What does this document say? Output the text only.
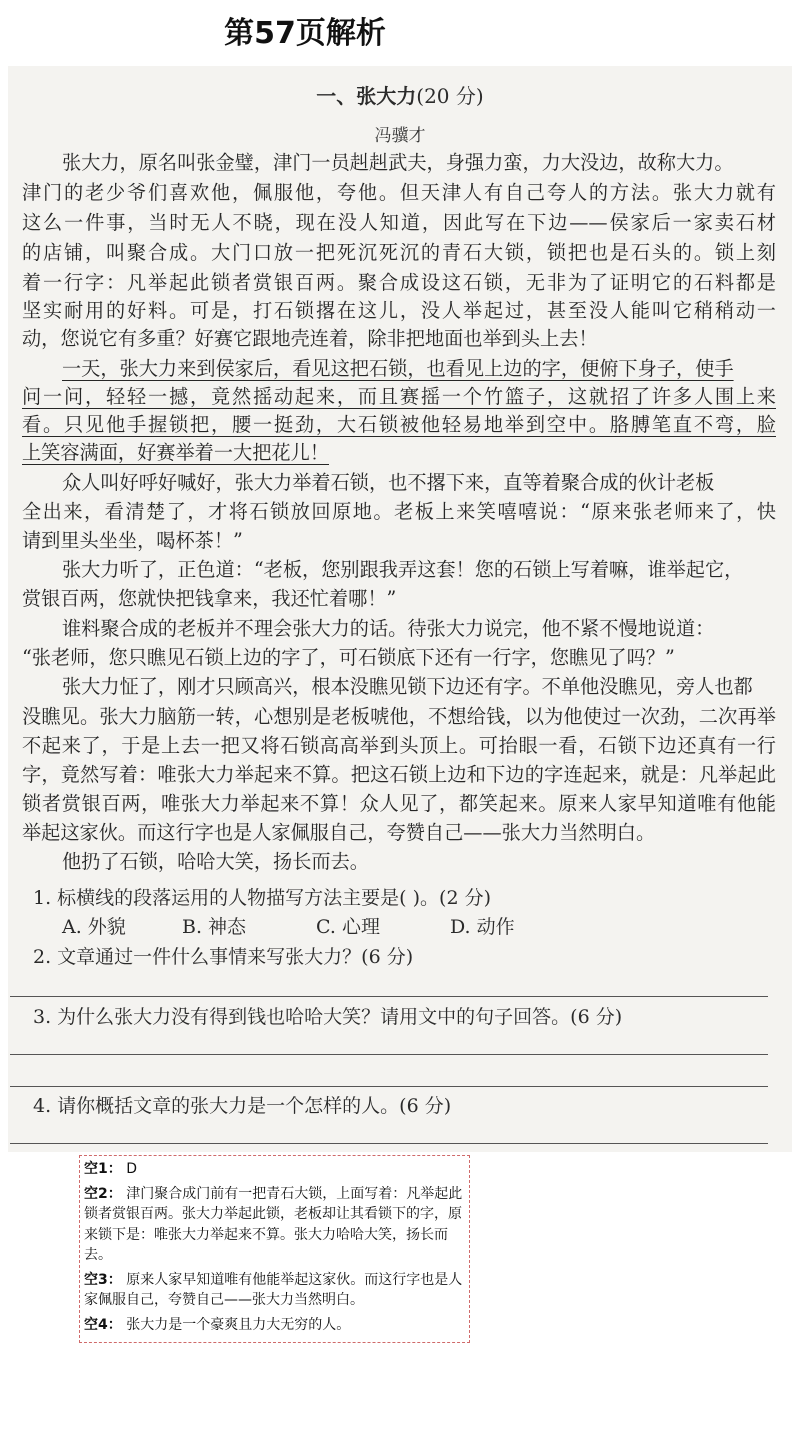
第57页解析
一、张大力(20 分)
冯骥才
张大力，原名叫张金璧，津门一员赳赳武夫，身强力蛮，力大没边，故称大力。
津门的老少爷们喜欢他，佩服他，夸他。但天津人有自己夸人的方法。张大力就有
这么一件事，当时无人不晓，现在没人知道，因此写在下边——侯家后一家卖石材
的店铺，叫聚合成。大门口放一把死沉死沉的青石大锁，锁把也是石头的。锁上刻
着一行字：凡举起此锁者赏银百两。聚合成设这石锁，无非为了证明它的石料都是
坚实耐用的好料。可是，打石锁撂在这儿，没人举起过，甚至没人能叫它稍稍动一
动，您说它有多重？好赛它跟地壳连着，除非把地面也举到头上去！
一天，张大力来到侯家后，看见这把石锁，也看见上边的字，便俯下身子，使手
问一问，轻轻一撼，竟然摇动起来，而且赛摇一个竹篮子，这就招了许多人围上来
看。只见他手握锁把，腰一挺劲，大石锁被他轻易地举到空中。胳膊笔直不弯，脸
上笑容满面，好赛举着一大把花儿！
众人叫好呼好喊好，张大力举着石锁，也不撂下来，直等着聚合成的伙计老板
全出来，看清楚了，才将石锁放回原地。老板上来笑嘻嘻说：“原来张老师来了，快
请到里头坐坐，喝杯茶！”
张大力听了，正色道：“老板，您别跟我弄这套！您的石锁上写着嘛，谁举起它，
赏银百两，您就快把钱拿来，我还忙着哪！”
谁料聚合成的老板并不理会张大力的话。待张大力说完，他不紧不慢地说道：
“张老师，您只瞧见石锁上边的字了，可石锁底下还有一行字，您瞧见了吗？”
张大力怔了，刚才只顾高兴，根本没瞧见锁下边还有字。不单他没瞧见，旁人也都
没瞧见。张大力脑筋一转，心想别是老板唬他，不想给钱，以为他使过一次劲，二次再举
不起来了，于是上去一把又将石锁高高举到头顶上。可抬眼一看，石锁下边还真有一行
字，竟然写着：唯张大力举起来不算。把这石锁上边和下边的字连起来，就是：凡举起此
锁者赏银百两，唯张大力举起来不算！众人见了，都笑起来。原来人家早知道唯有他能
举起这家伙。而这行字也是人家佩服自己，夸赞自己——张大力当然明白。
他扔了石锁，哈哈大笑，扬长而去。
1. 标横线的段落运用的人物描写方法主要是( )。(2 分)
A. 外貌	B. 神态	C. 心理	D. 动作
2. 文章通过一件什么事情来写张大力？(6 分)
3. 为什么张大力没有得到钱也哈哈大笑？请用文中的句子回答。(6 分)
4. 请你概括文章的张大力是一个怎样的人。(6 分)
空1： D
空2： 津门聚合成门前有一把青石大锁，上面写着：凡举起此锁者赏银百两。张大力举起此锁，老板却让其看锁下的字，原来锁下是：唯张大力举起来不算。张大力哈哈大笑，扬长而去。
空3： 原来人家早知道唯有他能举起这家伙。而这行字也是人家佩服自己，夸赞自己——张大力当然明白。
空4： 张大力是一个豪爽且力大无穷的人。
